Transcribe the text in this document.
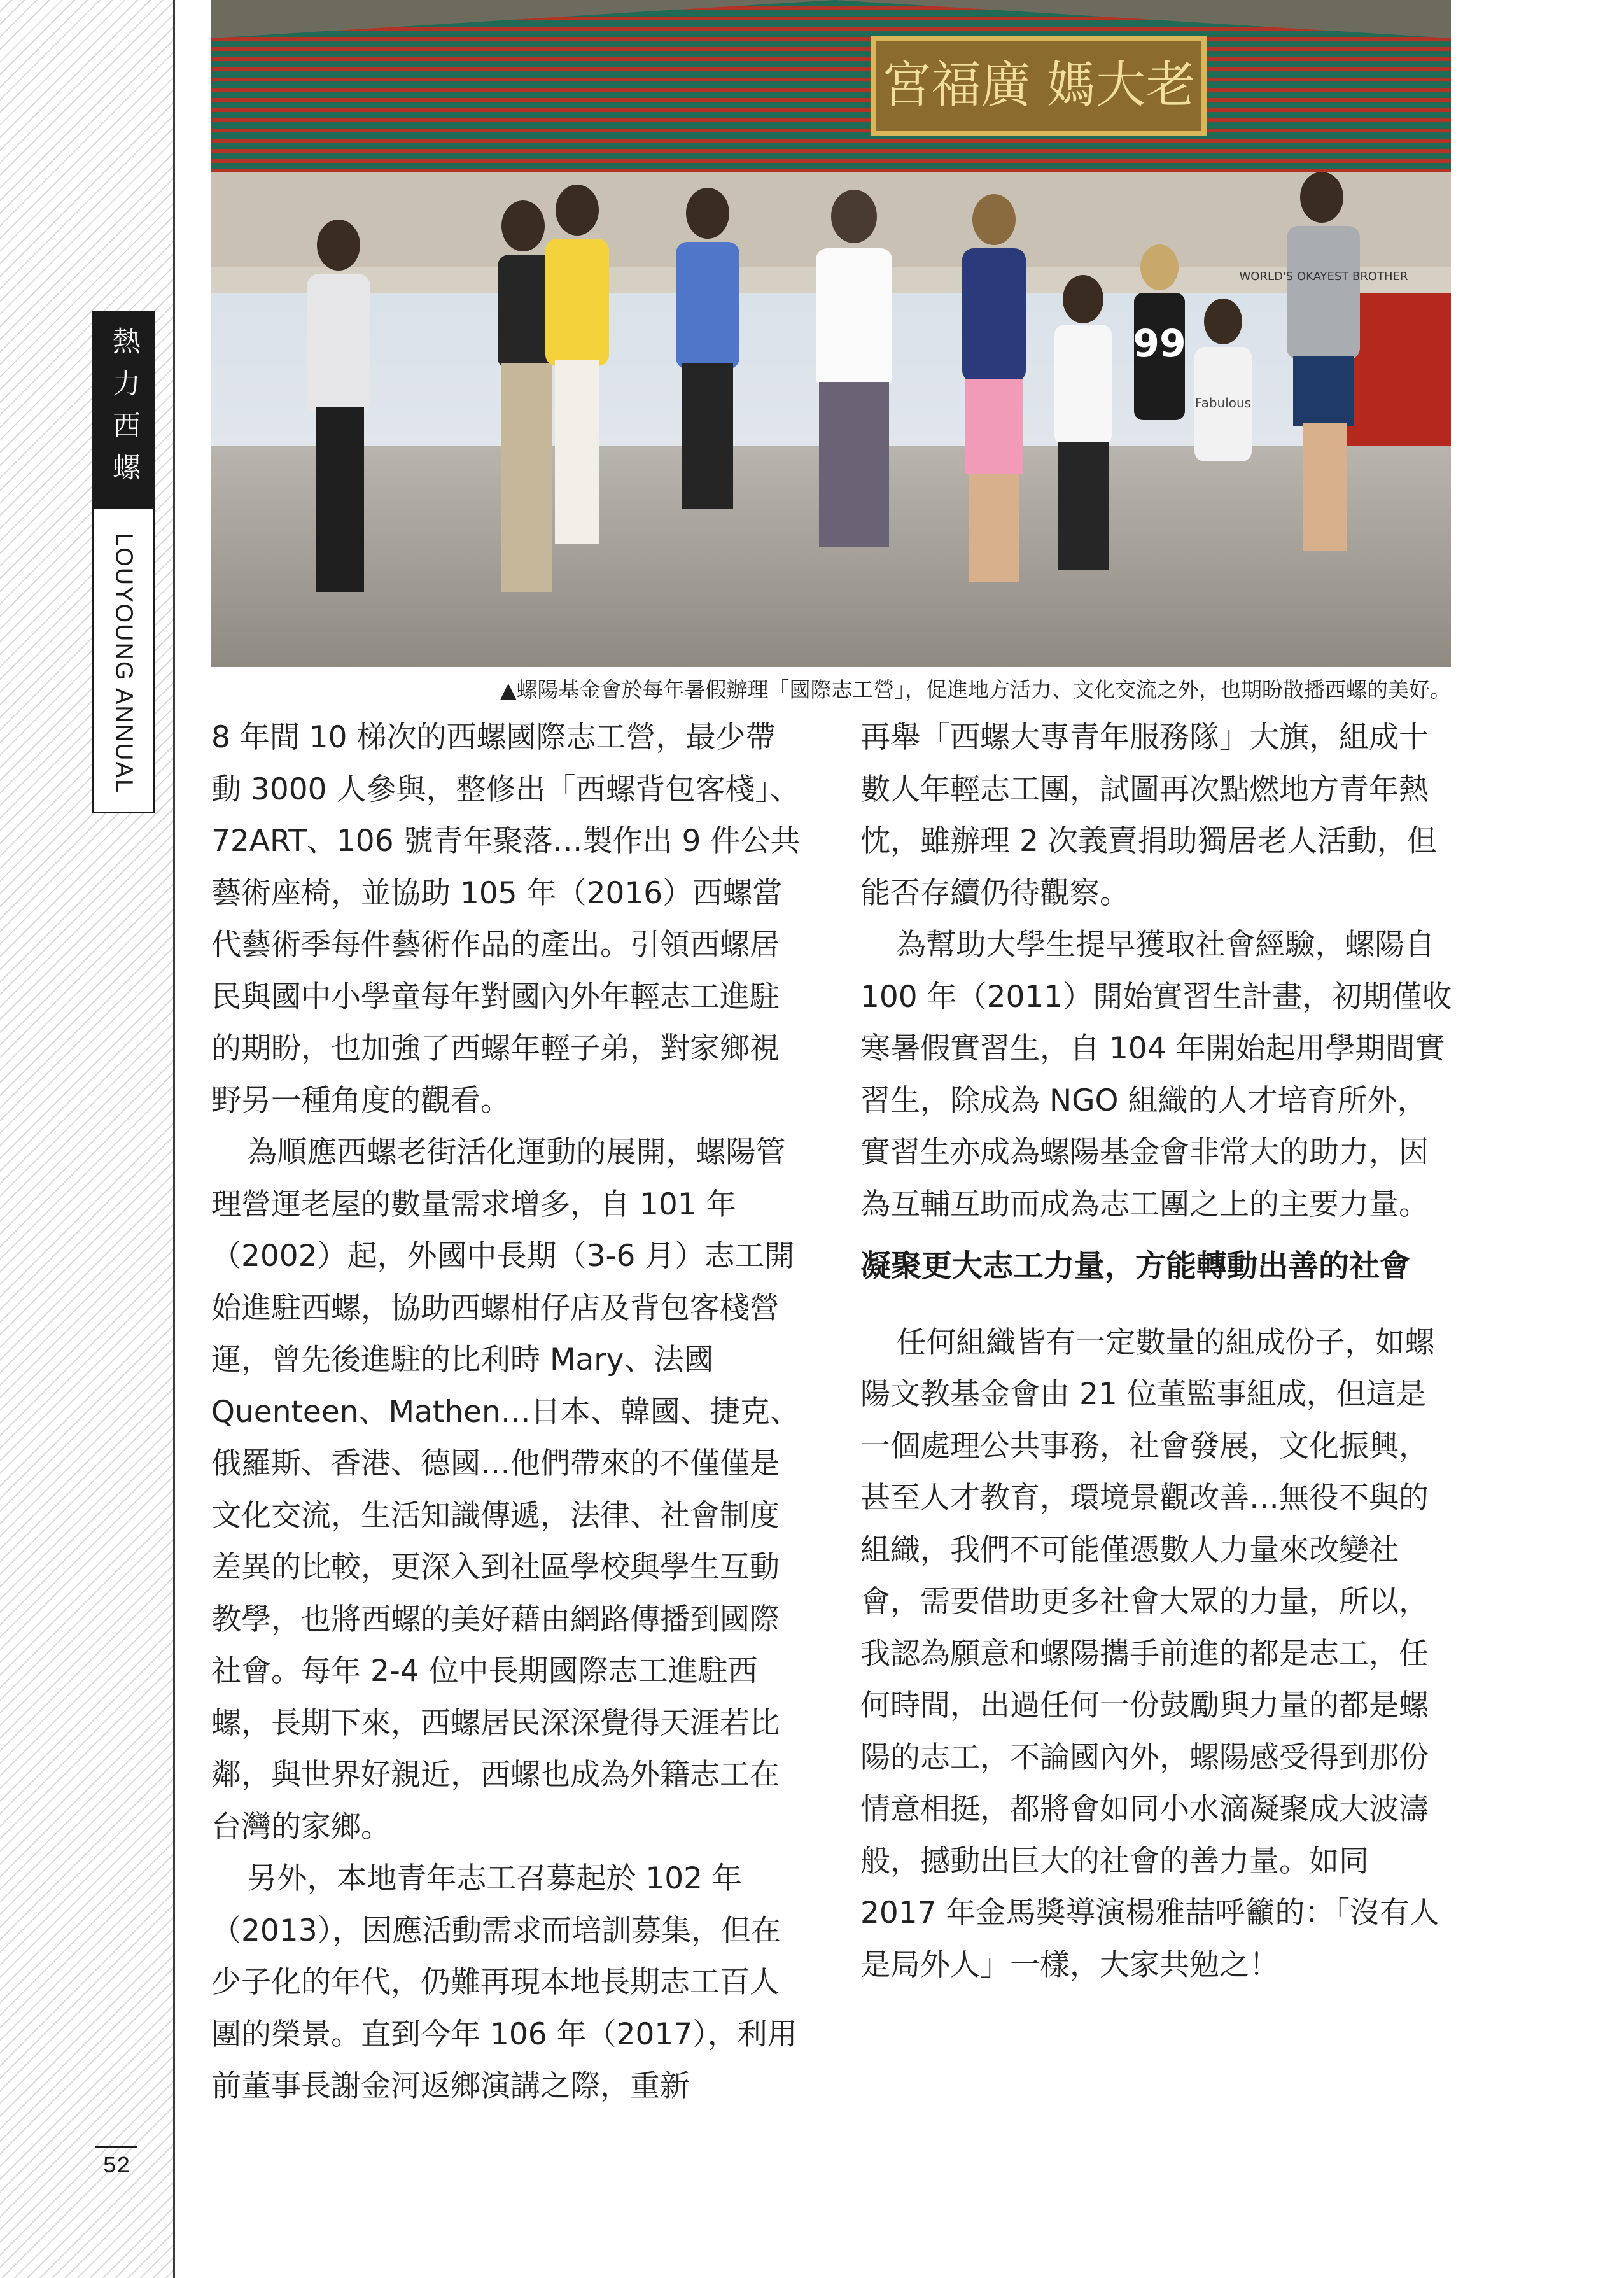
熱力西螺
LOUYOUNG ANNUAL
52
宮福廣 媽大老
99
Fabulous
WORLD'S OKAYEST BROTHER
▲螺陽基金會於每年暑假辦理「國際志工營」，促進地方活力、文化交流之外，也期盼散播西螺的美好。

8 年間 10 梯次的西螺國際志工營，最少帶動 3000 人參與，整修出「西螺背包客棧」、72ART、106 號青年聚落…製作出 9 件公共藝術座椅，並協助 105 年（2016）西螺當代藝術季每件藝術作品的產出。引領西螺居民與國中小學童每年對國內外年輕志工進駐的期盼，也加強了西螺年輕子弟，對家鄉視野另一種角度的觀看。

為順應西螺老街活化運動的展開，螺陽管理營運老屋的數量需求增多，自 101 年（2002）起，外國中長期（3-6 月）志工開始進駐西螺，協助西螺柑仔店及背包客棧營運，曾先後進駐的比利時 Mary、法國 Quenteen、Mathen…日本、韓國、捷克、俄羅斯、香港、德國…他們帶來的不僅僅是文化交流，生活知識傳遞，法律、社會制度差異的比較，更深入到社區學校與學生互動教學，也將西螺的美好藉由網路傳播到國際社會。每年 2-4 位中長期國際志工進駐西螺，長期下來，西螺居民深深覺得天涯若比鄰，與世界好親近，西螺也成為外籍志工在台灣的家鄉。

另外，本地青年志工召募起於 102 年（2013），因應活動需求而培訓募集，但在少子化的年代，仍難再現本地長期志工百人團的榮景。直到今年 106 年（2017），利用前董事長謝金河返鄉演講之際，重新

再舉「西螺大專青年服務隊」大旗，組成十數人年輕志工團，試圖再次點燃地方青年熱忱，雖辦理 2 次義賣捐助獨居老人活動，但能否存續仍待觀察。

為幫助大學生提早獲取社會經驗，螺陽自 100 年（2011）開始實習生計畫，初期僅收寒暑假實習生，自 104 年開始起用學期間實習生，除成為 NGO 組織的人才培育所外，實習生亦成為螺陽基金會非常大的助力，因為互輔互助而成為志工團之上的主要力量。

凝聚更大志工力量，方能轉動出善的社會

任何組織皆有一定數量的組成份子，如螺陽文教基金會由 21 位董監事組成，但這是一個處理公共事務，社會發展，文化振興，甚至人才教育，環境景觀改善…無役不與的組織，我們不可能僅憑數人力量來改變社會，需要借助更多社會大眾的力量，所以，我認為願意和螺陽攜手前進的都是志工，任何時間，出過任何一份鼓勵與力量的都是螺陽的志工，不論國內外，螺陽感受得到那份情意相挺，都將會如同小水滴凝聚成大波濤般，撼動出巨大的社會的善力量。如同 2017 年金馬獎導演楊雅喆呼籲的：「沒有人是局外人」一樣，大家共勉之！
